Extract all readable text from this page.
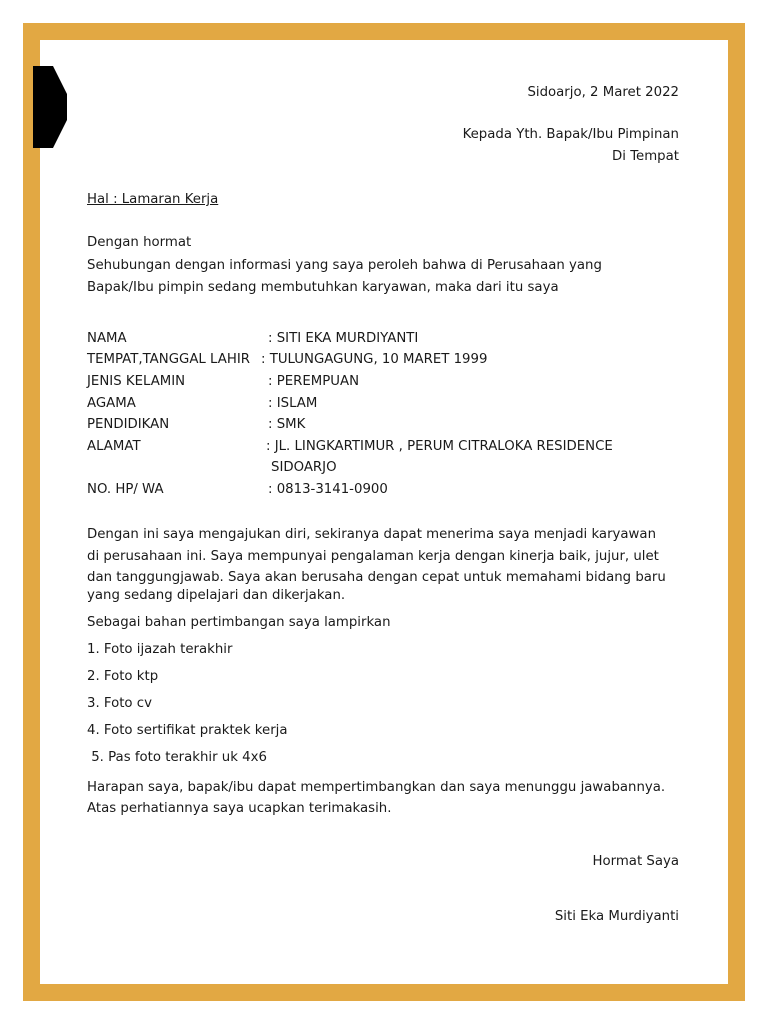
Sidoarjo, 2 Maret 2022
Kepada Yth. Bapak/Ibu Pimpinan
Di Tempat
Hal : Lamaran Kerja
Dengan hormat
Sehubungan dengan informasi yang saya peroleh bahwa di Perusahaan yang
Bapak/Ibu pimpin sedang membutuhkan karyawan, maka dari itu saya
NAMA	: SITI EKA MURDIYANTI
TEMPAT,TANGGAL LAHIR : TULUNGAGUNG, 10 MARET 1999
JENIS KELAMIN	: PEREMPUAN
AGAMA	: ISLAM
PENDIDIKAN	: SMK
ALAMAT	: JL. LINGKARTIMUR , PERUM CITRALOKA RESIDENCE
SIDOARJO
NO. HP/ WA	: 0813-3141-0900
Dengan ini saya mengajukan diri, sekiranya dapat menerima saya menjadi karyawan
di perusahaan ini. Saya mempunyai pengalaman kerja dengan kinerja baik, jujur, ulet
dan tanggungjawab. Saya akan berusaha dengan cepat untuk memahami bidang baru
yang sedang dipelajari dan dikerjakan.
Sebagai bahan pertimbangan saya lampirkan
1. Foto ijazah terakhir
2. Foto ktp
3. Foto cv
4. Foto sertifikat praktek kerja
5. Pas foto terakhir uk 4x6
Harapan saya, bapak/ibu dapat mempertimbangkan dan saya menunggu jawabannya.
Atas perhatiannya saya ucapkan terimakasih.
Hormat Saya
Siti Eka Murdiyanti
